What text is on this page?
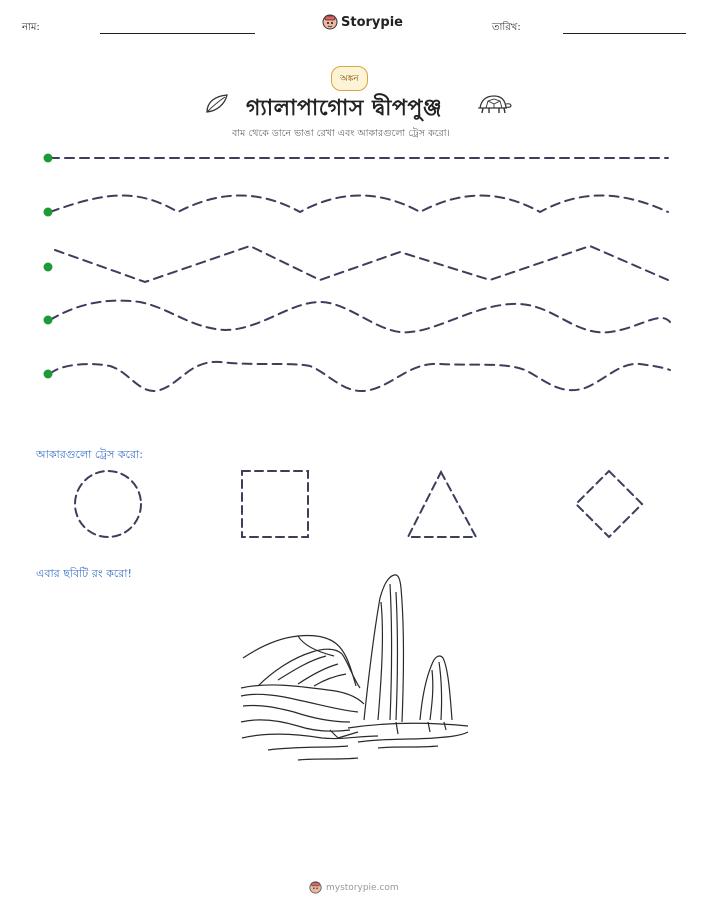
নাম:	Storypie	তারিখ:
অঙ্কন
গ্যালাপাগোস দ্বীপপুঞ্জ
বাম থেকে ডানে ভাঙা রেখা এবং আকারগুলো ট্রেস করো।
আকারগুলো ট্রেস করো:
এবার ছবিটি রং করো!
mystorypie.com
